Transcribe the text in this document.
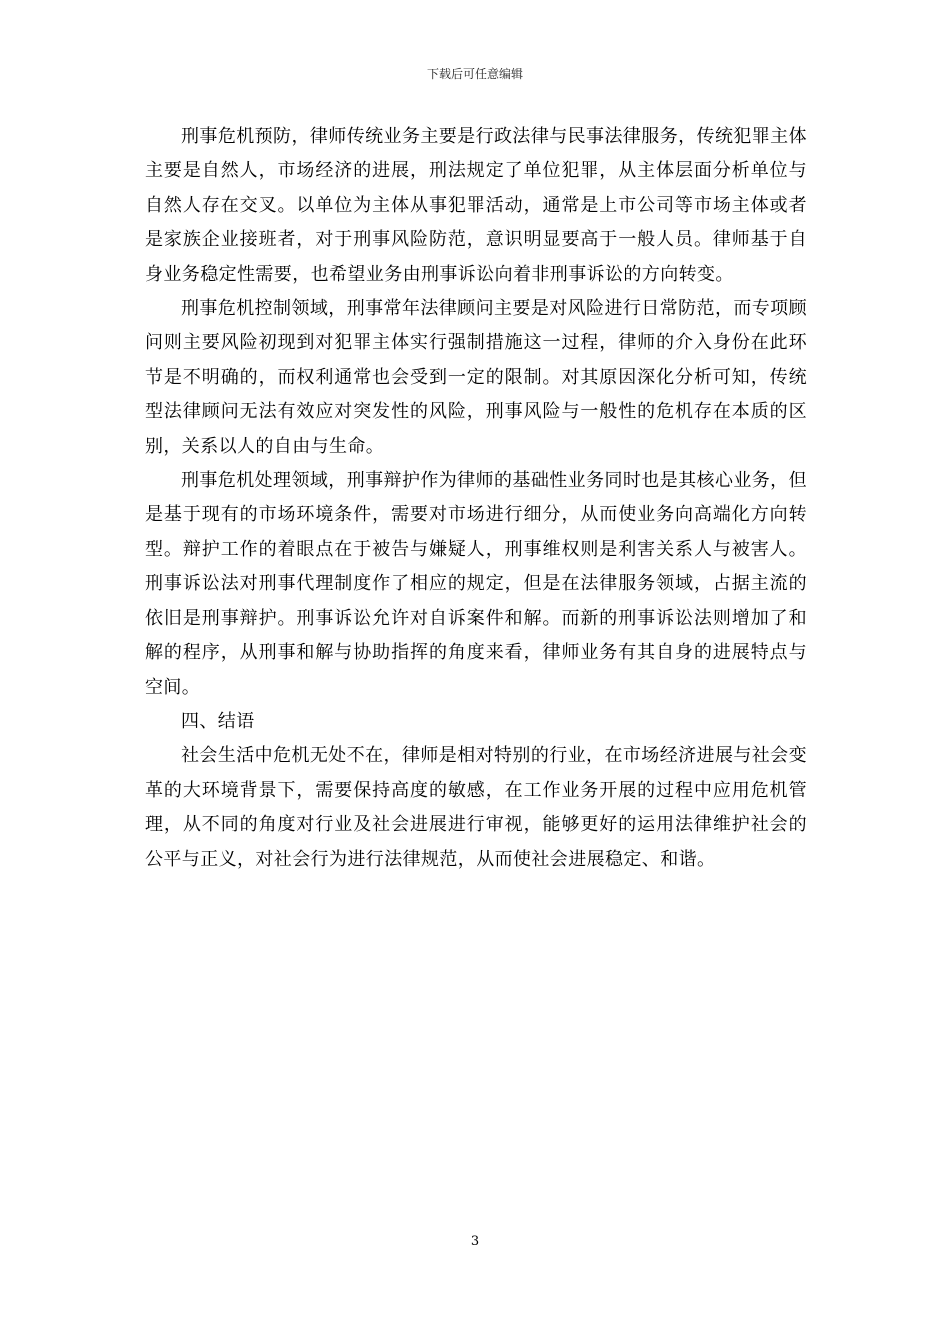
下载后可任意编辑

刑事危机预防，律师传统业务主要是行政法律与民事法律服务，传统犯罪主体主要是自然人，市场经济的进展，刑法规定了单位犯罪，从主体层面分析单位与自然人存在交叉。以单位为主体从事犯罪活动，通常是上市公司等市场主体或者是家族企业接班者，对于刑事风险防范，意识明显要高于一般人员。律师基于自身业务稳定性需要，也希望业务由刑事诉讼向着非刑事诉讼的方向转变。

刑事危机控制领域，刑事常年法律顾问主要是对风险进行日常防范，而专项顾问则主要风险初现到对犯罪主体实行强制措施这一过程，律师的介入身份在此环节是不明确的，而权利通常也会受到一定的限制。对其原因深化分析可知，传统型法律顾问无法有效应对突发性的风险，刑事风险与一般性的危机存在本质的区别，关系以人的自由与生命。

刑事危机处理领域，刑事辩护作为律师的基础性业务同时也是其核心业务，但是基于现有的市场环境条件，需要对市场进行细分，从而使业务向高端化方向转型。辩护工作的着眼点在于被告与嫌疑人，刑事维权则是利害关系人与被害人。刑事诉讼法对刑事代理制度作了相应的规定，但是在法律服务领域，占据主流的依旧是刑事辩护。刑事诉讼允许对自诉案件和解。而新的刑事诉讼法则增加了和解的程序，从刑事和解与协助指挥的角度来看，律师业务有其自身的进展特点与空间。

四、结语

社会生活中危机无处不在，律师是相对特别的行业，在市场经济进展与社会变革的大环境背景下，需要保持高度的敏感，在工作业务开展的过程中应用危机管理，从不同的角度对行业及社会进展进行审视，能够更好的运用法律维护社会的公平与正义，对社会行为进行法律规范，从而使社会进展稳定、和谐。

3
